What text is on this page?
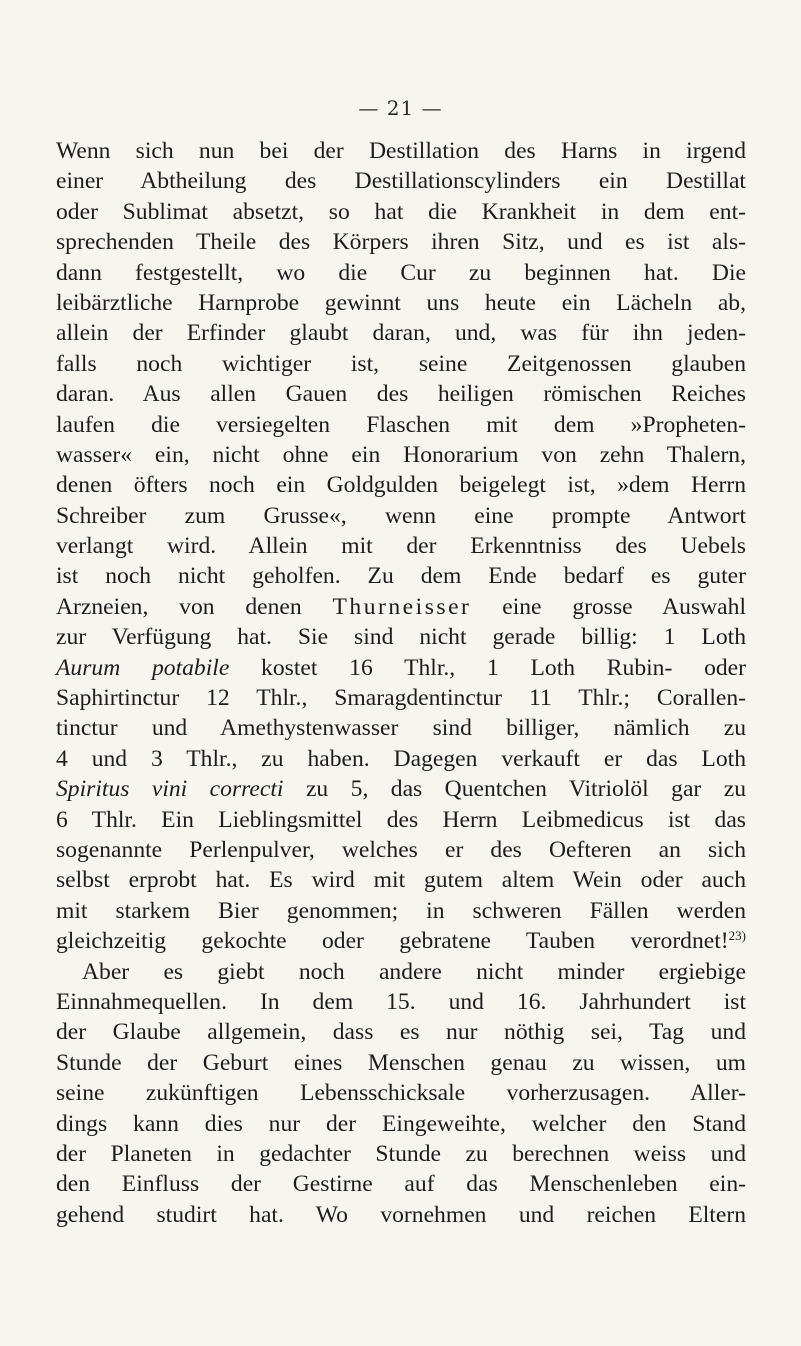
— 21 —
Wenn sich nun bei der Destillation des Harns in irgend
einer Abtheilung des Destillationscylinders ein Destillat
oder Sublimat absetzt, so hat die Krankheit in dem ent-
sprechenden Theile des Körpers ihren Sitz, und es ist als-
dann festgestellt, wo die Cur zu beginnen hat. Die
leibärztliche Harnprobe gewinnt uns heute ein Lächeln ab,
allein der Erfinder glaubt daran, und, was für ihn jeden-
falls noch wichtiger ist, seine Zeitgenossen glauben
daran. Aus allen Gauen des heiligen römischen Reiches
laufen die versiegelten Flaschen mit dem »Propheten-
wasser« ein, nicht ohne ein Honorarium von zehn Thalern,
denen öfters noch ein Goldgulden beigelegt ist, »dem Herrn
Schreiber zum Grusse«, wenn eine prompte Antwort
verlangt wird. Allein mit der Erkenntniss des Uebels
ist noch nicht geholfen. Zu dem Ende bedarf es guter
Arzneien, von denen Thurneisser eine grosse Auswahl
zur Verfügung hat. Sie sind nicht gerade billig: 1 Loth
Aurum potabile kostet 16 Thlr., 1 Loth Rubin- oder
Saphirtinctur 12 Thlr., Smaragdentinctur 11 Thlr.; Corallen-
tinctur und Amethystenwasser sind billiger, nämlich zu
4 und 3 Thlr., zu haben. Dagegen verkauft er das Loth
Spiritus vini correcti zu 5, das Quentchen Vitriolöl gar zu
6 Thlr. Ein Lieblingsmittel des Herrn Leibmedicus ist das
sogenannte Perlenpulver, welches er des Oefteren an sich
selbst erprobt hat. Es wird mit gutem altem Wein oder auch
mit starkem Bier genommen; in schweren Fällen werden
gleichzeitig gekochte oder gebratene Tauben verordnet!$^{23)}$
Aber es giebt noch andere nicht minder ergiebige
Einnahmequellen. In dem 15. und 16. Jahrhundert ist
der Glaube allgemein, dass es nur nöthig sei, Tag und
Stunde der Geburt eines Menschen genau zu wissen, um
seine zukünftigen Lebensschicksale vorherzusagen. Aller-
dings kann dies nur der Eingeweihte, welcher den Stand
der Planeten in gedachter Stunde zu berechnen weiss und
den Einfluss der Gestirne auf das Menschenleben ein-
gehend studirt hat. Wo vornehmen und reichen Eltern
